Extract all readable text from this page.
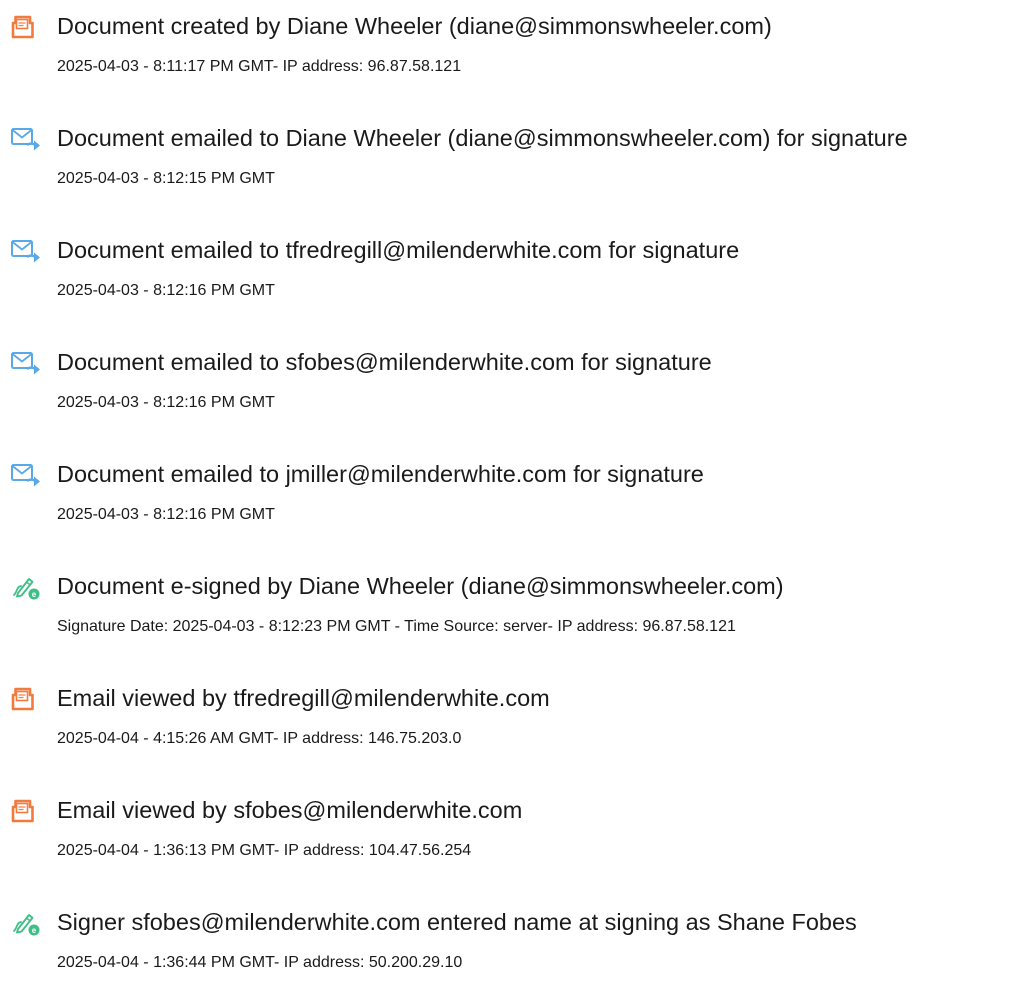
Document created by Diane Wheeler (diane@simmonswheeler.com)
2025-04-03 - 8:11:17 PM GMT- IP address: 96.87.58.121
Document emailed to Diane Wheeler (diane@simmonswheeler.com) for signature
2025-04-03 - 8:12:15 PM GMT
Document emailed to tfredregill@milenderwhite.com for signature
2025-04-03 - 8:12:16 PM GMT
Document emailed to sfobes@milenderwhite.com for signature
2025-04-03 - 8:12:16 PM GMT
Document emailed to jmiller@milenderwhite.com for signature
2025-04-03 - 8:12:16 PM GMT
e Document e-signed by Diane Wheeler (diane@simmonswheeler.com)
Signature Date: 2025-04-03 - 8:12:23 PM GMT - Time Source: server- IP address: 96.87.58.121
Email viewed by tfredregill@milenderwhite.com
2025-04-04 - 4:15:26 AM GMT- IP address: 146.75.203.0
Email viewed by sfobes@milenderwhite.com
2025-04-04 - 1:36:13 PM GMT- IP address: 104.47.56.254
e Signer sfobes@milenderwhite.com entered name at signing as Shane Fobes
2025-04-04 - 1:36:44 PM GMT- IP address: 50.200.29.10
